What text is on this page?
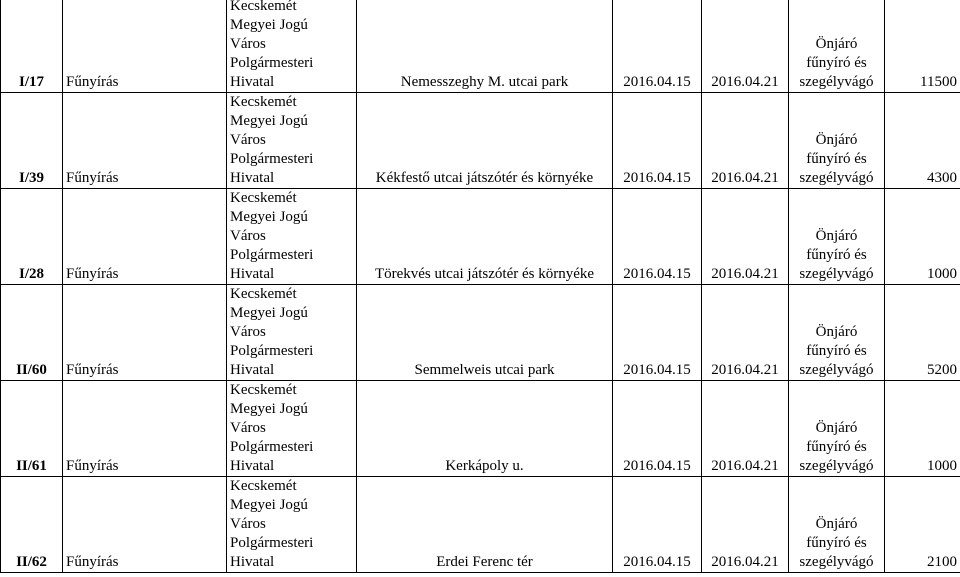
I/17	Fűnyírás	Kecskemét
Megyei Jogú
Város
Polgármesteri
Hivatal	Nemesszeghy M. utcai park	2016.04.15	2016.04.21	Önjáró
fűnyíró és
szegélyvágó	11500
I/39	Fűnyírás	Kecskemét
Megyei Jogú
Város
Polgármesteri
Hivatal	Kékfestő utcai játszótér és környéke	2016.04.15	2016.04.21	Önjáró
fűnyíró és
szegélyvágó	4300
I/28	Fűnyírás	Kecskemét
Megyei Jogú
Város
Polgármesteri
Hivatal	Törekvés utcai játszótér és környéke	2016.04.15	2016.04.21	Önjáró
fűnyíró és
szegélyvágó	1000
II/60	Fűnyírás	Kecskemét
Megyei Jogú
Város
Polgármesteri
Hivatal	Semmelweis utcai park	2016.04.15	2016.04.21	Önjáró
fűnyíró és
szegélyvágó	5200
II/61	Fűnyírás	Kecskemét
Megyei Jogú
Város
Polgármesteri
Hivatal	Kerkápoly u.	2016.04.15	2016.04.21	Önjáró
fűnyíró és
szegélyvágó	1000
II/62	Fűnyírás	Kecskemét
Megyei Jogú
Város
Polgármesteri
Hivatal	Erdei Ferenc tér	2016.04.15	2016.04.21	Önjáró
fűnyíró és
szegélyvágó	2100
